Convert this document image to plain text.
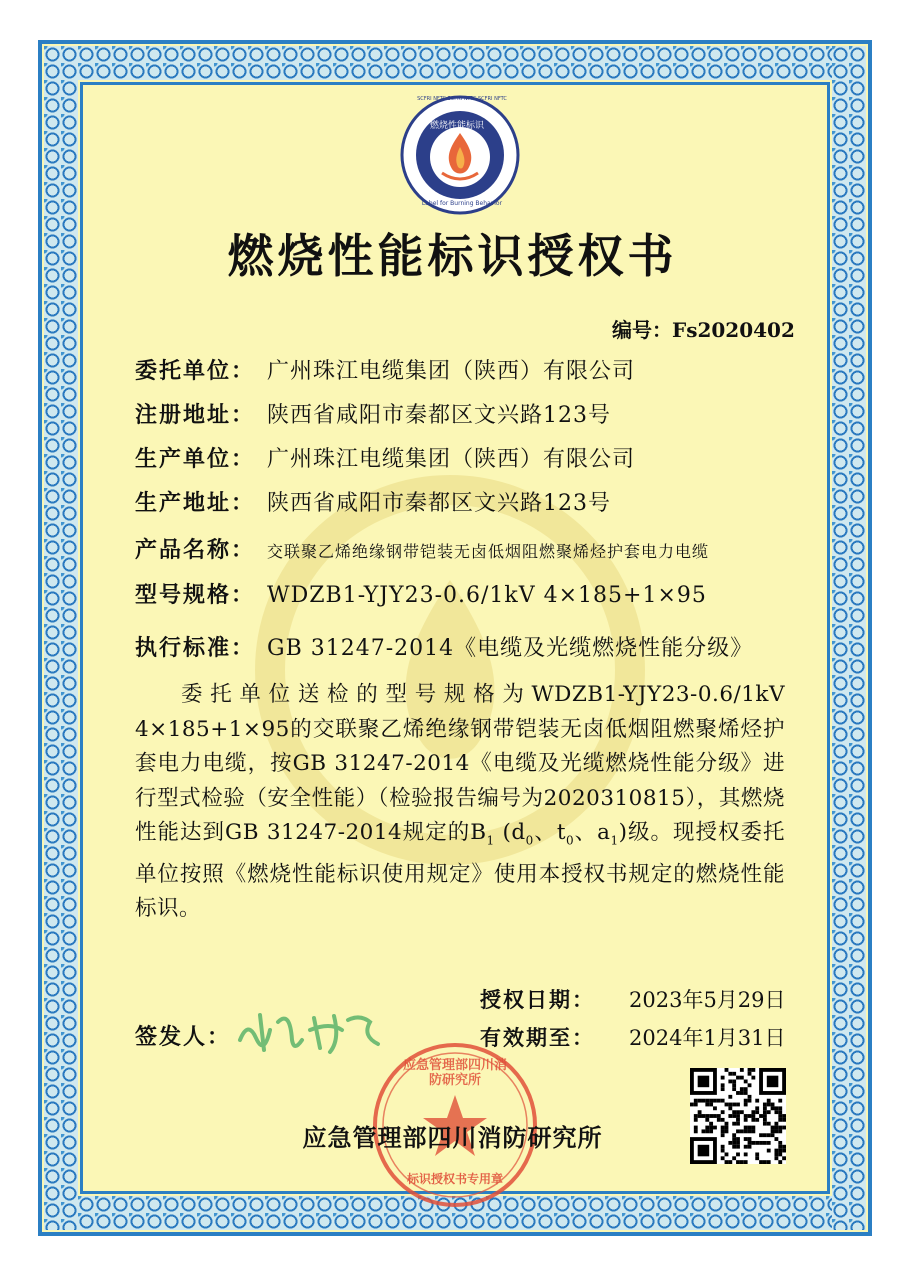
燃烧性能标识
SCFRI NFTC SCFRI NFTC SCFRI NFTC
Label for Burning Behavior
燃烧性能标识授权书
编号：Fs2020402
委托单位： 广州珠江电缆集团（陕西）有限公司
注册地址： 陕西省咸阳市秦都区文兴路123号
生产单位： 广州珠江电缆集团（陕西）有限公司
生产地址： 陕西省咸阳市秦都区文兴路123号
产品名称： 交联聚乙烯绝缘钢带铠装无卤低烟阻燃聚烯烃护套电力电缆
型号规格： WDZB1-YJY23-0.6/1kV 4×185+1×95
执行标准： GB 31247-2014《电缆及光缆燃烧性能分级》

委托单位送检的型号规格为WDZB1-YJY23-0.6/1kV 4×185+1×95的交联聚乙烯绝缘钢带铠装无卤低烟阻燃聚烯烃护套电力电缆，按GB 31247-2014《电缆及光缆燃烧性能分级》进行型式检验（安全性能）（检验报告编号为2020310815），其燃烧性能达到GB 31247-2014规定的$B_1$ ($d_0$、$t_0$、$a_1$)级。现授权委托单位按照《燃烧性能标识使用规定》使用本授权书规定的燃烧性能标识。

授权日期： 2023年5月29日
有效期至： 2024年1月31日
签发人：
应急管理部四川消防研究所
标识授权书专用章
应急管理部四川消防研究所
